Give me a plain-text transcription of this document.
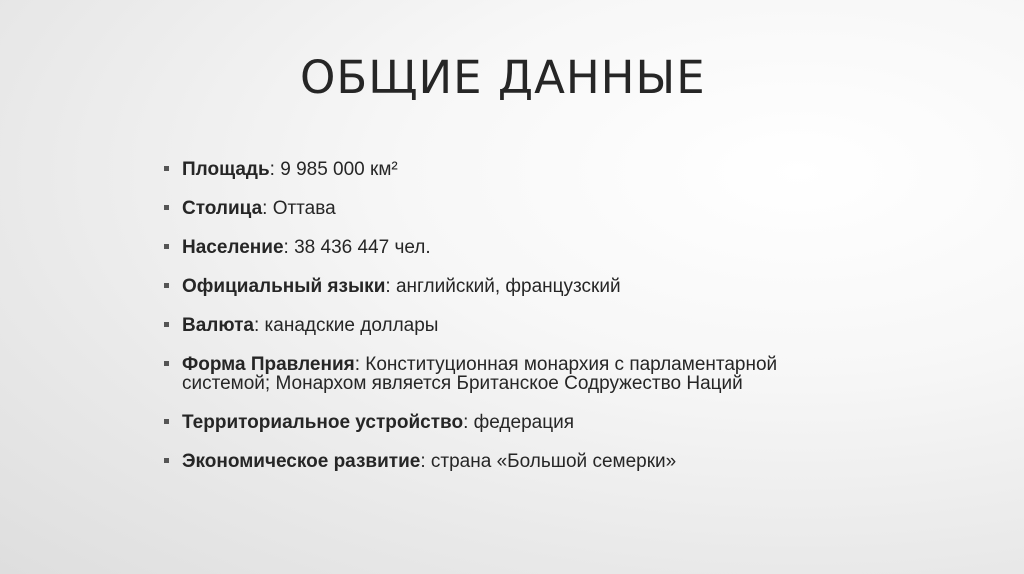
ОБЩИЕ ДАННЫЕ
Площадь: 9 985 000 км²
Столица: Оттава
Население: 38 436 447 чел.
Официальный языки: английский, французский
Валюта: канадские доллары
Форма Правления: Конституционная монархия с парламентарной системой; Монархом является Британское Содружество Наций
Территориальное устройство: федерация
Экономическое развитие: страна «Большой семерки»
